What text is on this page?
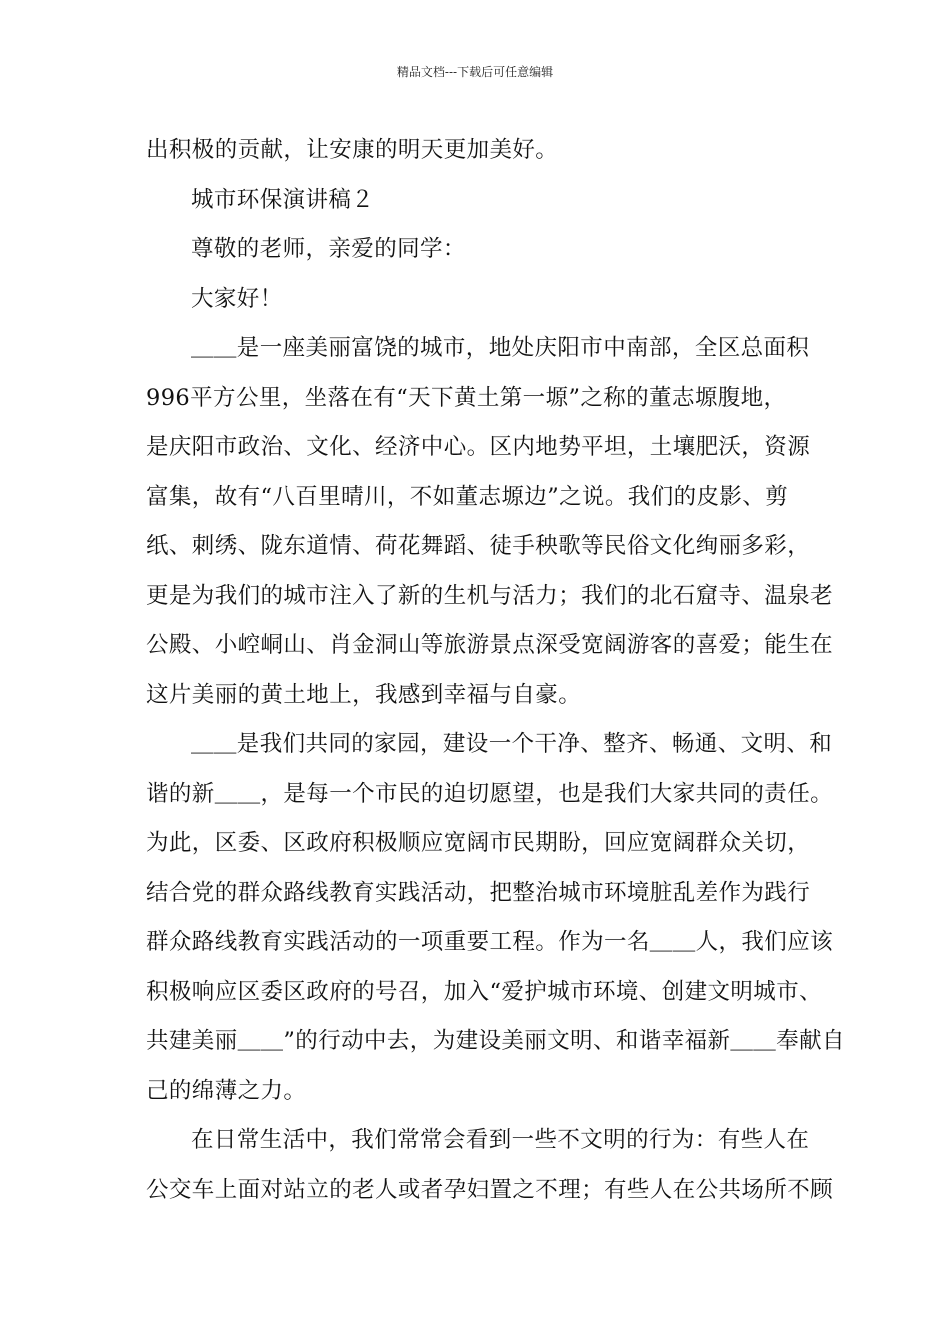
精品文档---下载后可任意编辑
出积极的贡献，让安康的明天更加美好。
城市环保演讲稿２
尊敬的老师，亲爱的同学：
大家好！
＿＿是一座美丽富饶的城市，地处庆阳市中南部，全区总面积
996平方公里，坐落在有“天下黄土第一塬”之称的董志塬腹地，
是庆阳市政治、文化、经济中心。区内地势平坦，土壤肥沃，资源
富集，故有“八百里晴川，不如董志塬边”之说。我们的皮影、剪
纸、刺绣、陇东道情、荷花舞蹈、徒手秧歌等民俗文化绚丽多彩，
更是为我们的城市注入了新的生机与活力；我们的北石窟寺、温泉老
公殿、小崆峒山、肖金洞山等旅游景点深受宽阔游客的喜爱；能生在
这片美丽的黄土地上，我感到幸福与自豪。
＿＿是我们共同的家园，建设一个干净、整齐、畅通、文明、和
谐的新＿＿，是每一个市民的迫切愿望，也是我们大家共同的责任。
为此，区委、区政府积极顺应宽阔市民期盼，回应宽阔群众关切，
结合党的群众路线教育实践活动，把整治城市环境脏乱差作为践行
群众路线教育实践活动的一项重要工程。作为一名＿＿人，我们应该
积极响应区委区政府的号召，加入“爱护城市环境、创建文明城市、
共建美丽＿＿”的行动中去，为建设美丽文明、和谐幸福新＿＿奉献自
己的绵薄之力。
在日常生活中，我们常常会看到一些不文明的行为：有些人在
公交车上面对站立的老人或者孕妇置之不理；有些人在公共场所不顾
